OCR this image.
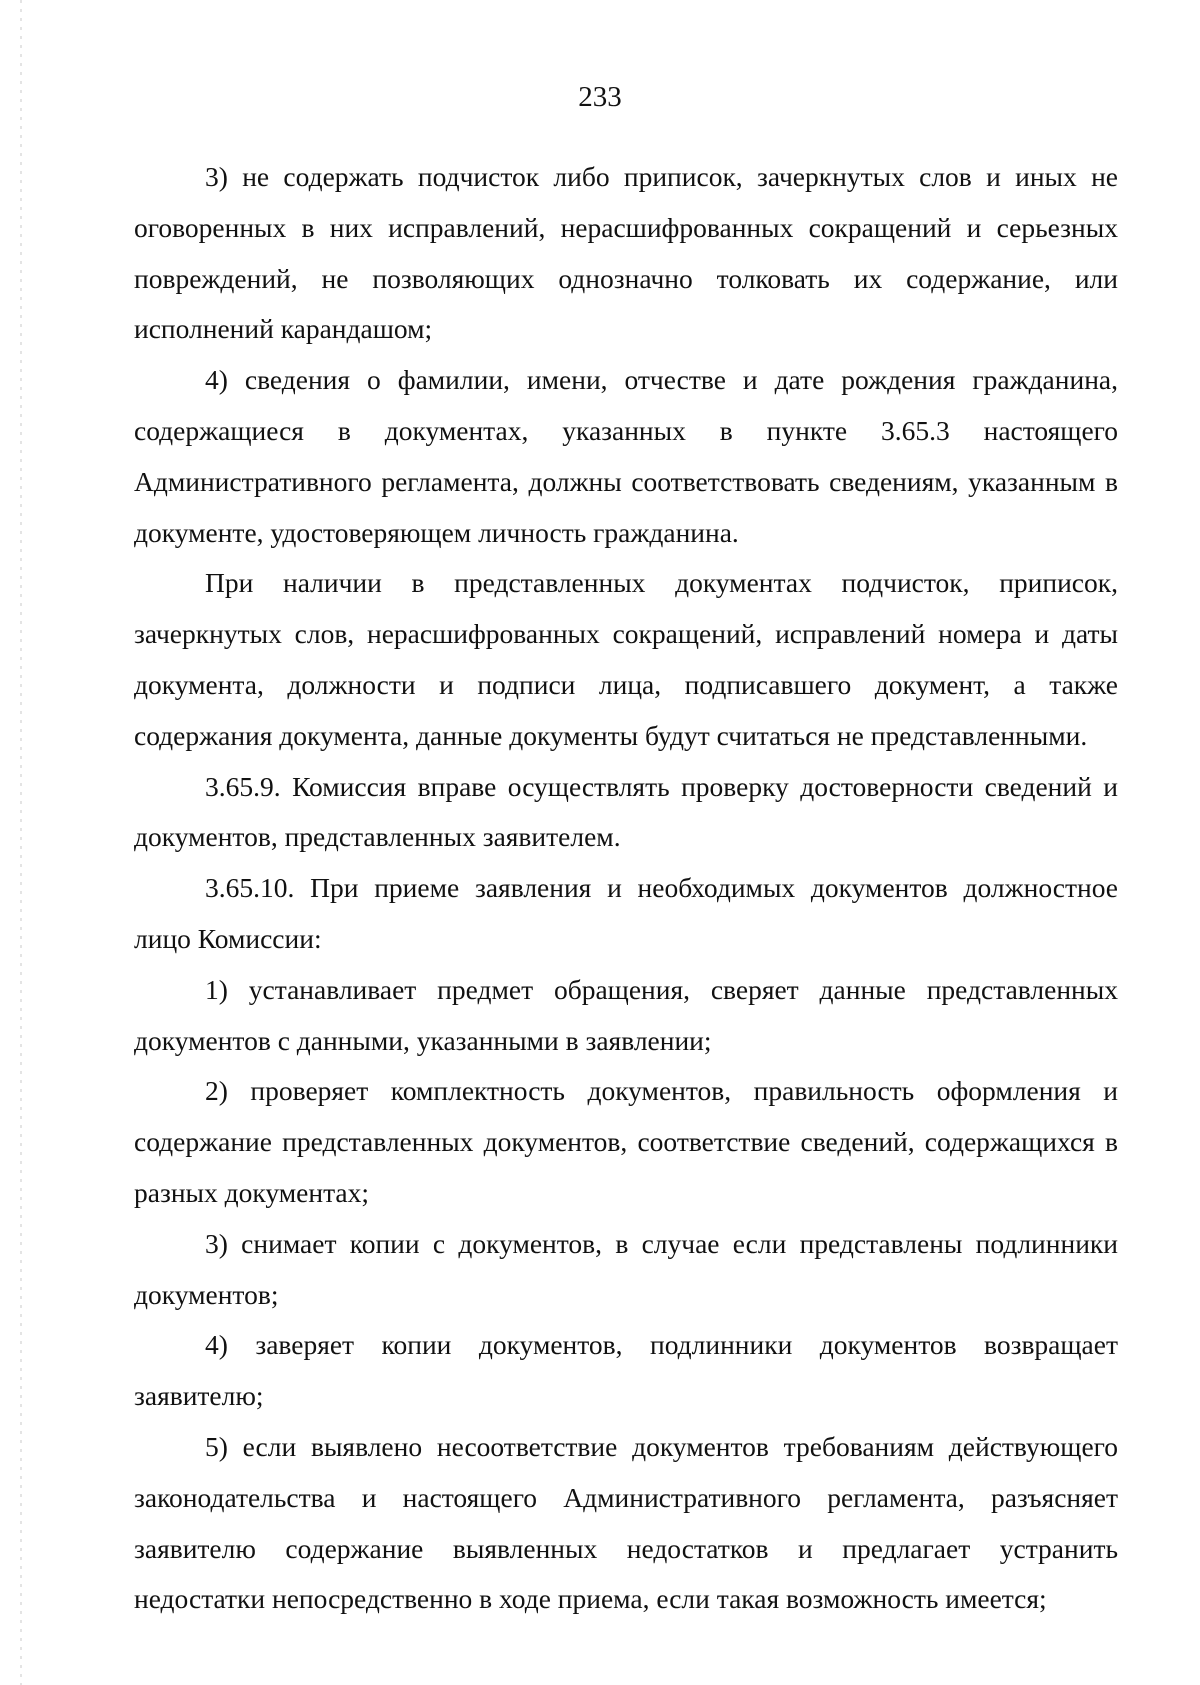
233

3) не содержать подчисток либо приписок, зачеркнутых слов и иных не оговоренных в них исправлений, нерасшифрованных сокращений и серьезных повреждений, не позволяющих однозначно толковать их содержание, или исполнений карандашом;

4) сведения о фамилии, имени, отчестве и дате рождения гражданина, содержащиеся в документах, указанных в пункте 3.65.3 настоящего Административного регламента, должны соответствовать сведениям, указанным в документе, удостоверяющем личность гражданина.

При наличии в представленных документах подчисток, приписок, зачеркнутых слов, нерасшифрованных сокращений, исправлений номера и даты документа, должности и подписи лица, подписавшего документ, а также содержания документа, данные документы будут считаться не представленными.

3.65.9. Комиссия вправе осуществлять проверку достоверности сведений и документов, представленных заявителем.

3.65.10. При приеме заявления и необходимых документов должностное лицо Комиссии:

1) устанавливает предмет обращения, сверяет данные представленных документов с данными, указанными в заявлении;

2) проверяет комплектность документов, правильность оформления и содержание представленных документов, соответствие сведений, содержащихся в разных документах;

3) снимает копии с документов, в случае если представлены подлинники документов;

4) заверяет копии документов, подлинники документов возвращает заявителю;

5) если выявлено несоответствие документов требованиям действующего законодательства и настоящего Административного регламента, разъясняет заявителю содержание выявленных недостатков и предлагает устранить недостатки непосредственно в ходе приема, если такая возможность имеется;
